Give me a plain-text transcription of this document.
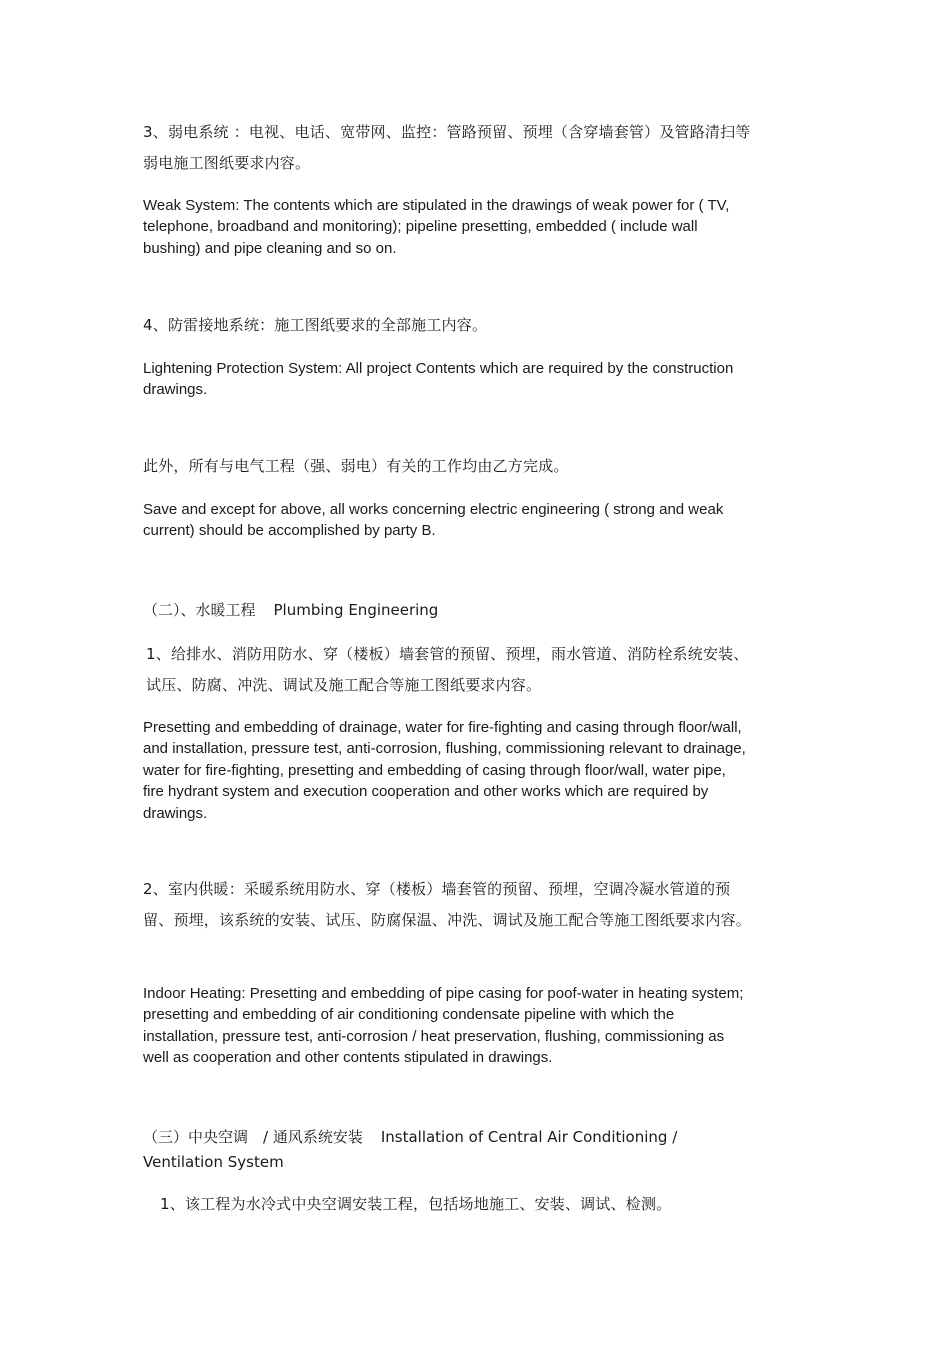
3、弱电系统 ：电视、电话、宽带网、监控：管路预留、预埋（含穿墙套管）及管路清扫等弱电施工图纸要求内容。

Weak System: The contents which are stipulated in the drawings of weak power for ( TV, telephone, broadband and monitoring); pipeline presetting, embedded ( include wall bushing) and pipe cleaning and so on.

4、防雷接地系统：施工图纸要求的全部施工内容。

Lightening Protection System: All project Contents which are required by the construction drawings.

此外，所有与电气工程（强、弱电）有关的工作均由乙方完成。

Save and except for above, all works concerning electric engineering ( strong and weak current) should be accomplished by party B.

（二）、水暖工程 Plumbing Engineering

1、给排水、消防用防水、穿（楼板）墙套管的预留、预埋，雨水管道、消防栓系统安装、试压、防腐、冲洗、调试及施工配合等施工图纸要求内容。

Presetting and embedding of drainage, water for fire-fighting and casing through floor/wall, and installation, pressure test, anti-corrosion, flushing, commissioning relevant to drainage, water for fire-fighting, presetting and embedding of casing through floor/wall, water pipe, fire hydrant system and execution cooperation and other works which are required by drawings.

2、室内供暖：采暖系统用防水、穿（楼板）墙套管的预留、预埋，空调冷凝水管道的预留、预埋，该系统的安装、试压、防腐保温、冲洗、调试及施工配合等施工图纸要求内容。

Indoor Heating: Presetting and embedding of pipe casing for poof-water in heating system; presetting and embedding of air conditioning condensate pipeline with which the installation, pressure test, anti-corrosion / heat preservation, flushing, commissioning as well as cooperation and other contents stipulated in drawings.

（三）中央空调　/ 通风系统安装 Installation of Central Air Conditioning / Ventilation System

1、该工程为水冷式中央空调安装工程，包括场地施工、安装、调试、检测。
